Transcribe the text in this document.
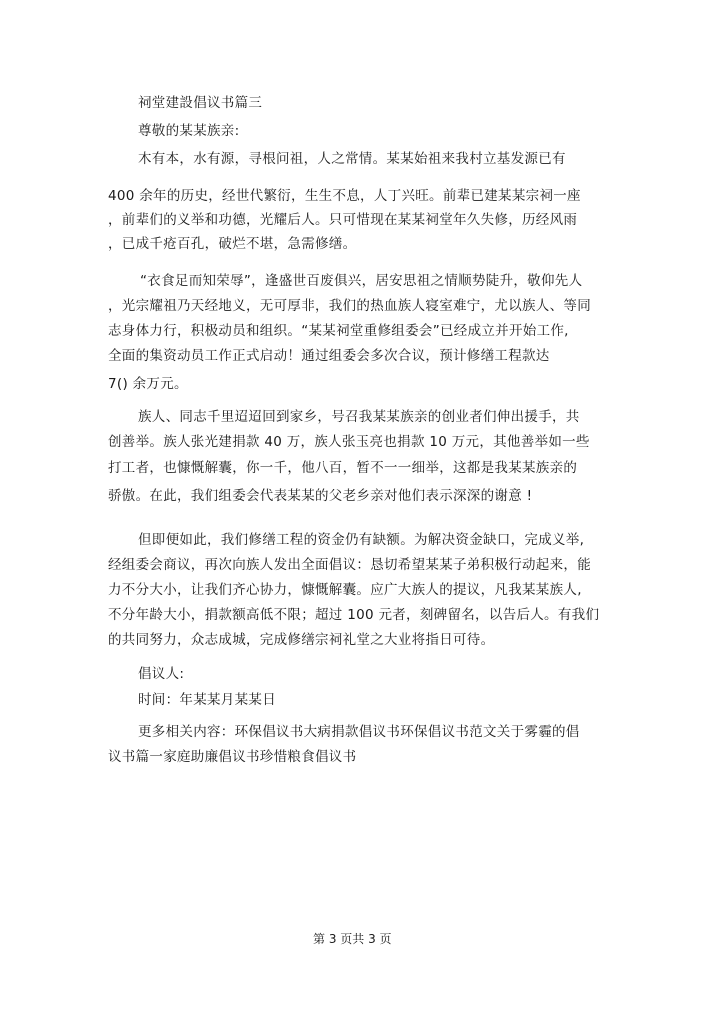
祠堂建設倡议书篇三
尊敬的某某族亲:
木有本，水有源，寻根问祖，人之常情。某某始祖来我村立基发源已有
400 余年的历史，经世代繁衍，生生不息，人丁兴旺。前辈已建某某宗祠一座
，前辈们的义举和功德，光耀后人。只可惜现在某某祠堂年久失修，历经风雨
，已成千疮百孔，破烂不堪，急需修缮。
“衣食足而知荣辱”，逢盛世百废俱兴，居安思祖之情顺势陡升，敬仰先人
，光宗耀祖乃天经地义，无可厚非，我们的热血族人寝室难宁，尤以族人、等同
志身体力行，积极动员和组织。“某某祠堂重修组委会”已经成立并开始工作,
全面的集资动员工作正式启动！通过组委会多次合议，预计修缮工程款达
7() 余万元。
族人、同志千里迢迢回到家乡，号召我某某族亲的创业者们伸出援手，共
创善举。族人张光建捐款 40 万，族人张玉亮也捐款 10 万元，其他善举如一些
打工者，也慷慨解囊，你一千，他八百，暂不一一细举，这都是我某某族亲的
骄傲。在此，我们组委会代表某某的父老乡亲对他们表示深深的谢意 !
但即便如此，我们修缮工程的资金仍有缺额。为解决资金缺口，完成义举,
经组委会商议，再次向族人发出全面倡议：恳切希望某某子弟积极行动起来，能
力不分大小，让我们齐心协力，慷慨解囊。应广大族人的提议，凡我某某族人,
不分年龄大小，捐款额高低不限；超过 100 元者，刻碑留名，以告后人。有我们
的共同努力，众志成城，完成修缮宗祠礼堂之大业将指日可待。
倡议人:
时间：年某某月某某日
更多相关内容：环保倡议书大病捐款倡议书环保倡议书范文关于雾霾的倡
议书篇一家庭助廉倡议书珍惜粮食倡议书
第 3 页共 3 页
